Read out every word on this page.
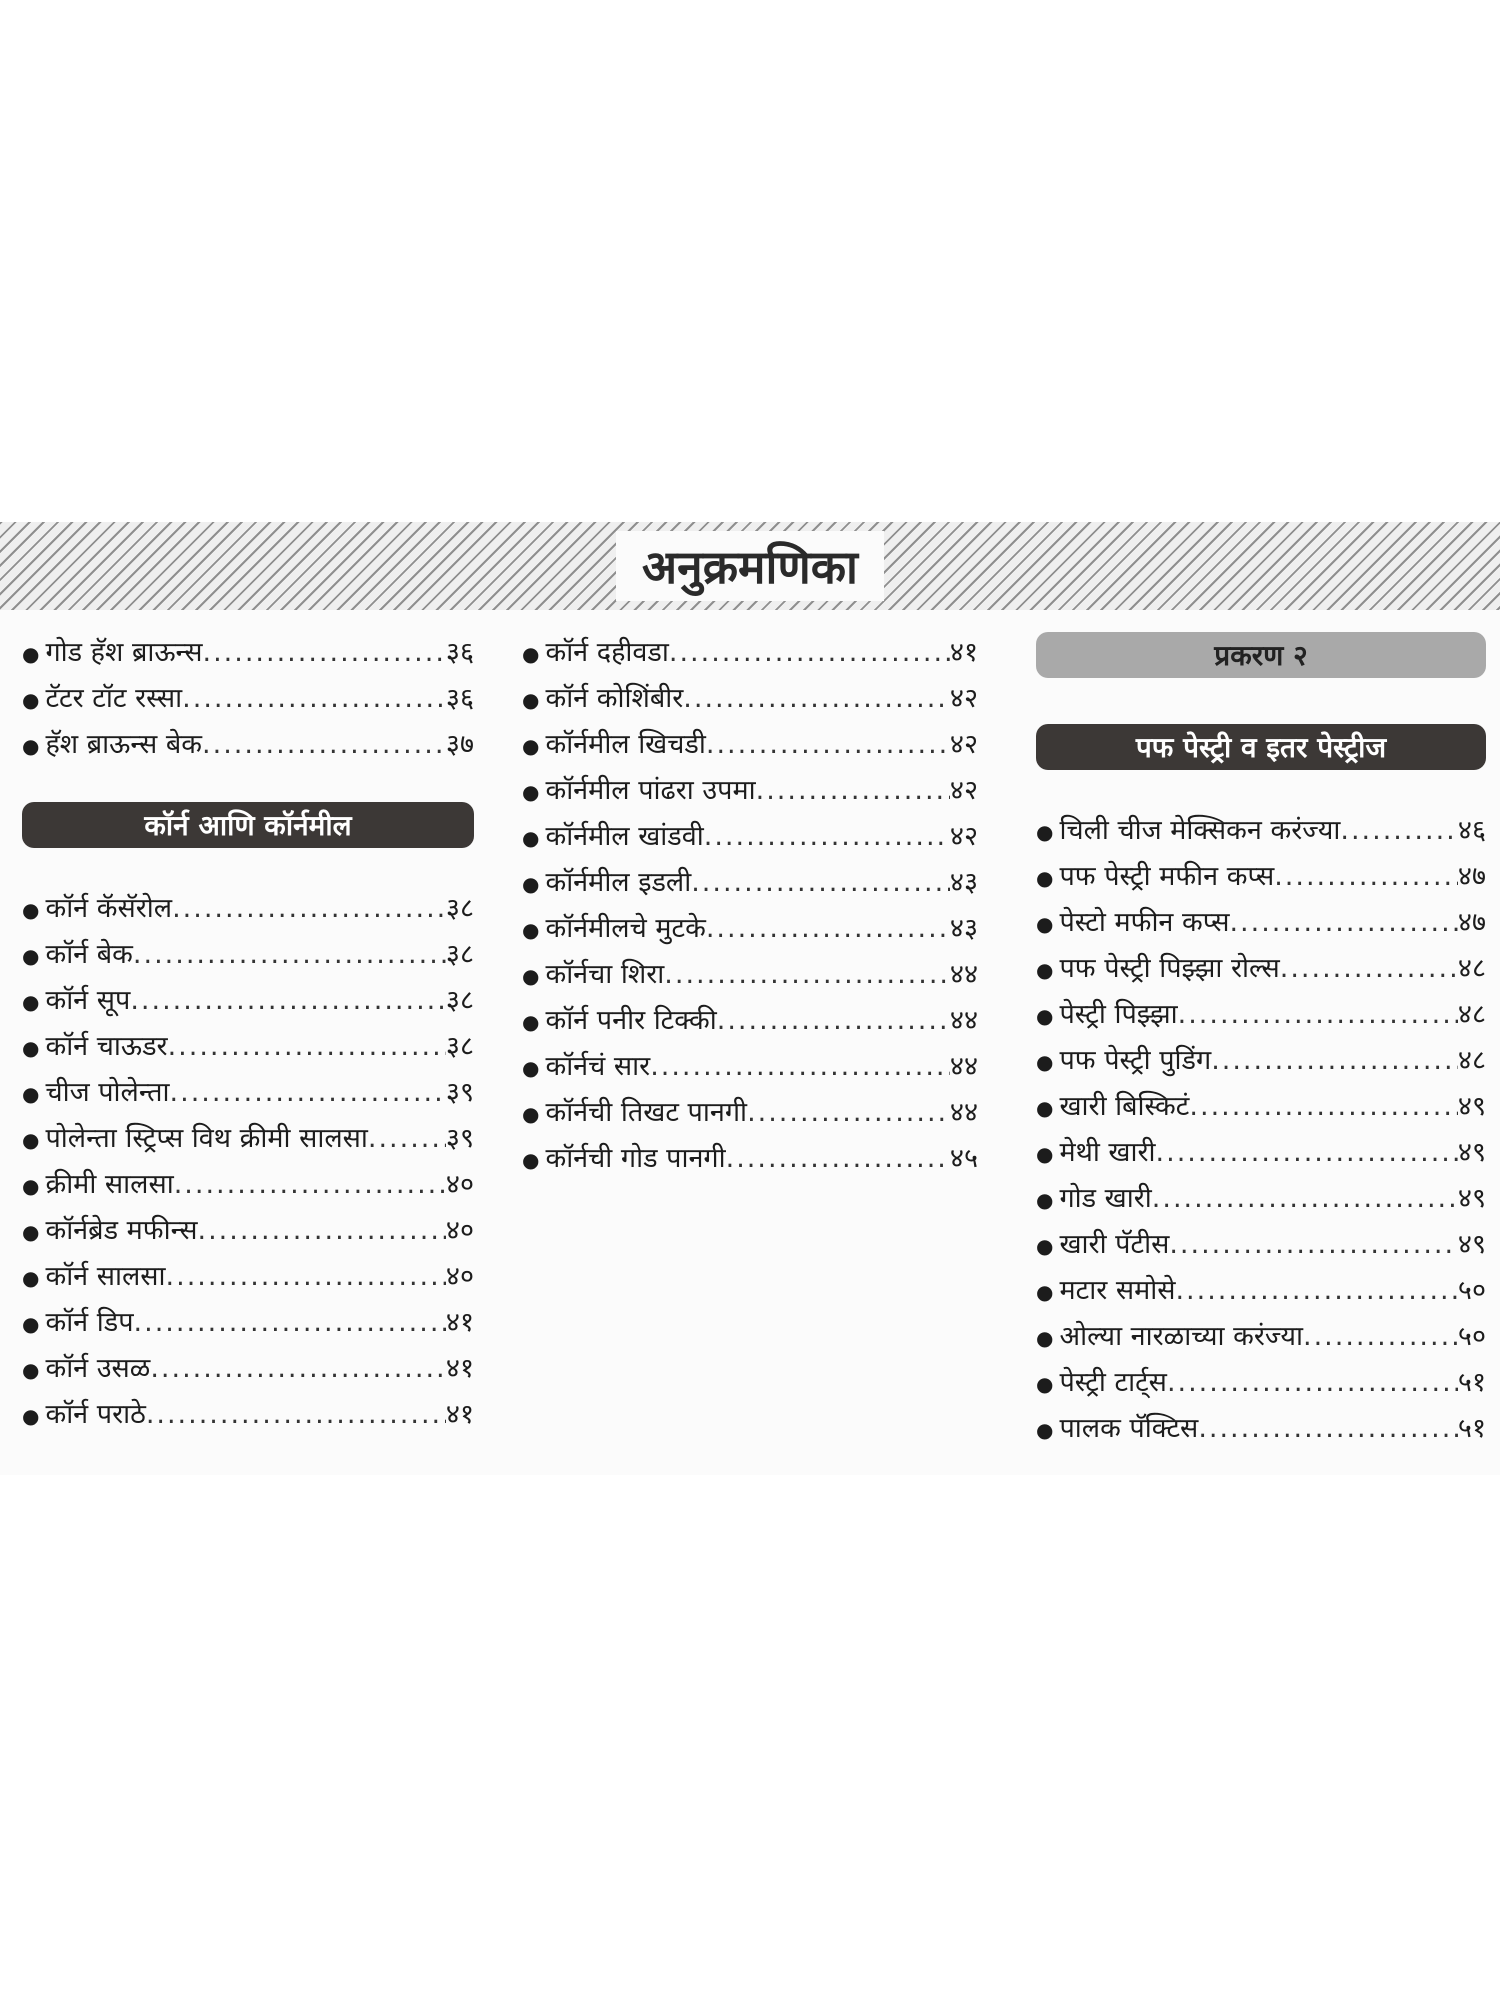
अनुक्रमणिका
● गोड हॅश ब्राऊन्स .....	३६
● टॅटर टॉट रस्सा .....	३६
● हॅश ब्राऊन्स बेक .....	३७
कॉर्न आणि कॉर्नमील
● कॉर्न कॅसॅरोल .....	३८
● कॉर्न बेक .....	३८
● कॉर्न सूप .....	३८
● कॉर्न चाऊडर .....	३८
● चीज पोलेन्ता .....	३९
● पोलेन्ता स्ट्रिप्स विथ क्रीमी सालसा .....	३९
● क्रीमी सालसा .....	४०
● कॉर्नब्रेड मफीन्स .....	४०
● कॉर्न सालसा .....	४०
● कॉर्न डिप .....	४१
● कॉर्न उसळ .....	४१
● कॉर्न पराठे .....	४१
● कॉर्न दहीवडा .....	४१
● कॉर्न कोशिंबीर .....	४२
● कॉर्नमील खिचडी .....	४२
● कॉर्नमील पांढरा उपमा .....	४२
● कॉर्नमील खांडवी .....	४२
● कॉर्नमील इडली .....	४३
● कॉर्नमीलचे मुटके .....	४३
● कॉर्नचा शिरा .....	४४
● कॉर्न पनीर टिक्की .....	४४
● कॉर्नचं सार .....	४४
● कॉर्नची तिखट पानगी .....	४४
● कॉर्नची गोड पानगी .....	४५
प्रकरण २
पफ पेस्ट्री व इतर पेस्ट्रीज
● चिली चीज मेक्सिकन करंज्या .....	४६
● पफ पेस्ट्री मफीन कप्स .....	४७
● पेस्टो मफीन कप्स .....	४७
● पफ पेस्ट्री पिझ्झा रोल्स .....	४८
● पेस्ट्री पिझ्झा .....	४८
● पफ पेस्ट्री पुडिंग .....	४८
● खारी बिस्किटं .....	४९
● मेथी खारी .....	४९
● गोड खारी .....	४९
● खारी पॅटीस .....	४९
● मटार समोसे .....	५०
● ओल्या नारळाच्या करंज्या .....	५०
● पेस्ट्री टार्ट्स .....	५१
● पालक पॅक्टिस .....	५१
